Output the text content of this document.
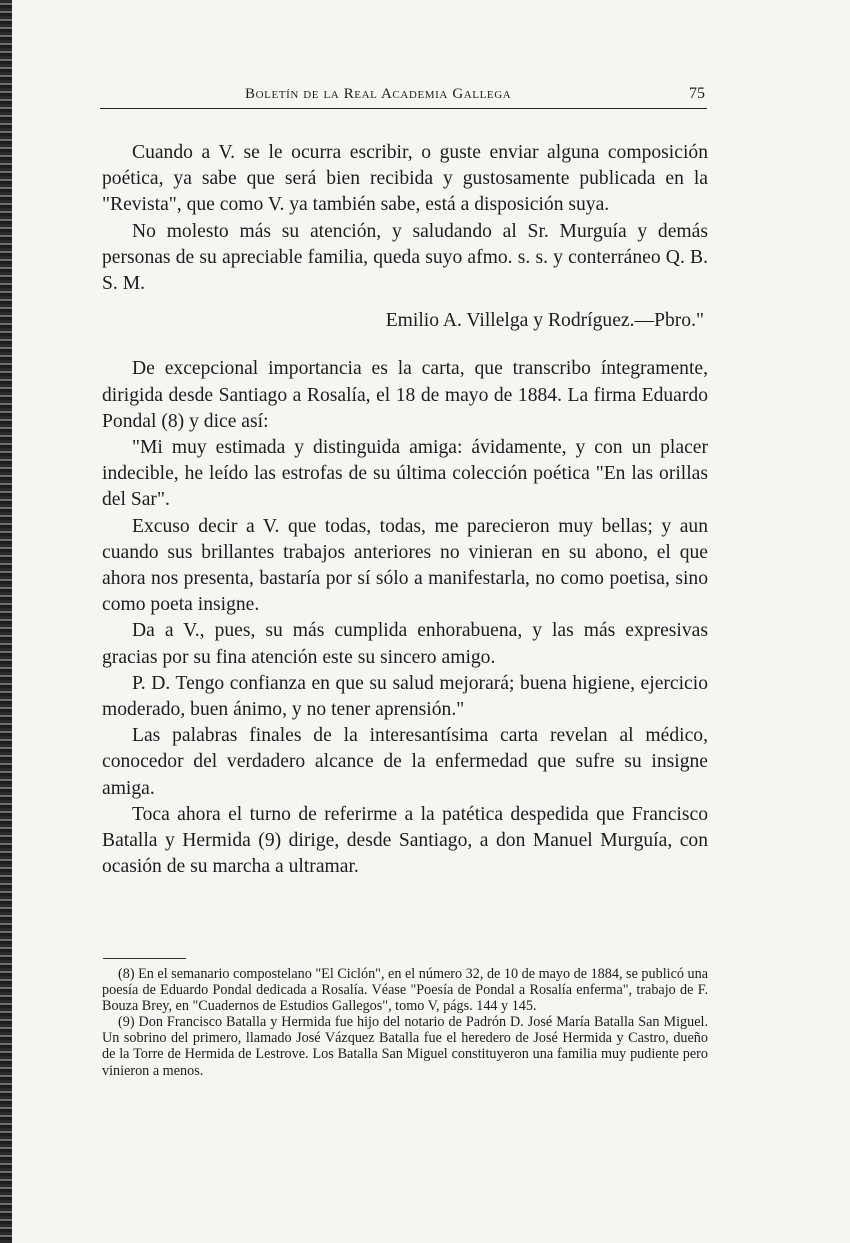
Boletín de la Real Academia Gallega	75

Cuando a V. se le ocurra escribir, o guste enviar alguna composición poética, ya sabe que será bien recibida y gustosamente publicada en la "Revista", que como V. ya también sabe, está a disposición suya.

No molesto más su atención, y saludando al Sr. Murguía y demás personas de su apreciable familia, queda suyo afmo. s. s. y conterráneo Q. B. S. M.

Emilio A. Villelga y Rodríguez.—Pbro."

De excepcional importancia es la carta, que transcribo íntegramente, dirigida desde Santiago a Rosalía, el 18 de mayo de 1884. La firma Eduardo Pondal (8) y dice así:

"Mi muy estimada y distinguida amiga: ávidamente, y con un placer indecible, he leído las estrofas de su última colección poética "En las orillas del Sar".

Excuso decir a V. que todas, todas, me parecieron muy bellas; y aun cuando sus brillantes trabajos anteriores no vinieran en su abono, el que ahora nos presenta, bastaría por sí sólo a manifestarla, no como poetisa, sino como poeta insigne.

Da a V., pues, su más cumplida enhorabuena, y las más expresivas gracias por su fina atención este su sincero amigo.

P. D. Tengo confianza en que su salud mejorará; buena higiene, ejercicio moderado, buen ánimo, y no tener aprensión."

Las palabras finales de la interesantísima carta revelan al médico, conocedor del verdadero alcance de la enfermedad que sufre su insigne amiga.

Toca ahora el turno de referirme a la patética despedida que Francisco Batalla y Hermida (9) dirige, desde Santiago, a don Manuel Murguía, con ocasión de su marcha a ultramar.

(8) En el semanario compostelano "El Ciclón", en el número 32, de 10 de mayo de 1884, se publicó una poesía de Eduardo Pondal dedicada a Rosalía. Véase "Poesía de Pondal a Rosalía enferma", trabajo de F. Bouza Brey, en "Cuadernos de Estudios Gallegos", tomo V, págs. 144 y 145.

(9) Don Francisco Batalla y Hermida fue hijo del notario de Padrón D. José María Batalla San Miguel. Un sobrino del primero, llamado José Vázquez Batalla fue el heredero de José Hermida y Castro, dueño de la Torre de Hermida de Lestrove. Los Batalla San Miguel constituyeron una familia muy pudiente pero vinieron a menos.
